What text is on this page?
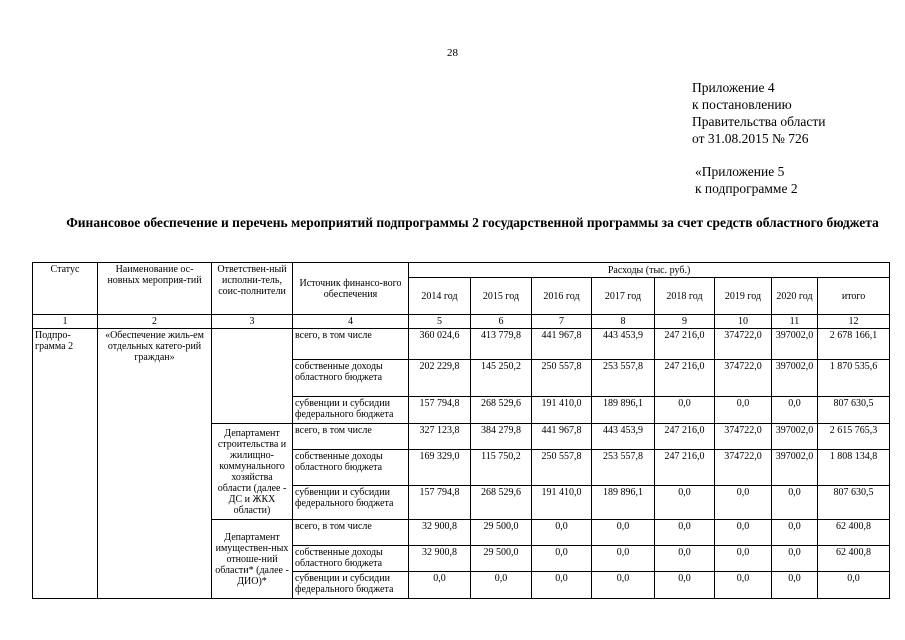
28
Приложение 4
к постановлению
Правительства области
от 31.08.2015 № 726
«Приложение 5
к подпрограмме 2
Финансовое обеспечение и перечень мероприятий подпрограммы 2 государственной программы за счет средств областного бюджета
Статус	Наименование ос-новных мероприя-тий	Ответствен-ный исполни-тель, соис-полнители	Источник финансо-вого обеспечения	Расходы (тыс. руб.)							
				2014 год	2015 год	2016 год	2017 год	2018 год	2019 год	2020 год	итого
1	2	3	4	5	6	7	8	9	10	11	12
Подпро-грамма 2	«Обеспечение жиль-ем отдельных катего-рий граждан»		всего, в том числе	360 024,6	413 779,8	441 967,8	443 453,9	247 216,0	374722,0	397002,0	2 678 166,1
			собственные доходы областного бюджета	202 229,8	145 250,2	250 557,8	253 557,8	247 216,0	374722,0	397002,0	1 870 535,6
			субвенции и субсидии федерального бюджета	157 794,8	268 529,6	191 410,0	189 896,1	0,0	0,0	0,0	807 630,5
		Департамент строительства и жилищно-коммунального хозяйства области (далее - ДС и ЖКХ области)	всего, в том числе	327 123,8	384 279,8	441 967,8	443 453,9	247 216,0	374722,0	397002,0	2 615 765,3
			собственные доходы областного бюджета	169 329,0	115 750,2	250 557,8	253 557,8	247 216,0	374722,0	397002,0	1 808 134,8
			субвенции и субсидии федерального бюджета	157 794,8	268 529,6	191 410,0	189 896,1	0,0	0,0	0,0	807 630,5
		Департамент имуществен-ных отноше-ний области* (далее - ДИО)*	всего, в том числе	32 900,8	29 500,0	0,0	0,0	0,0	0,0	0,0	62 400,8
			собственные доходы областного бюджета	32 900,8	29 500,0	0,0	0,0	0,0	0,0	0,0	62 400,8
			субвенции и субсидии федерального бюджета	0,0	0,0	0,0	0,0	0,0	0,0	0,0	0,0
